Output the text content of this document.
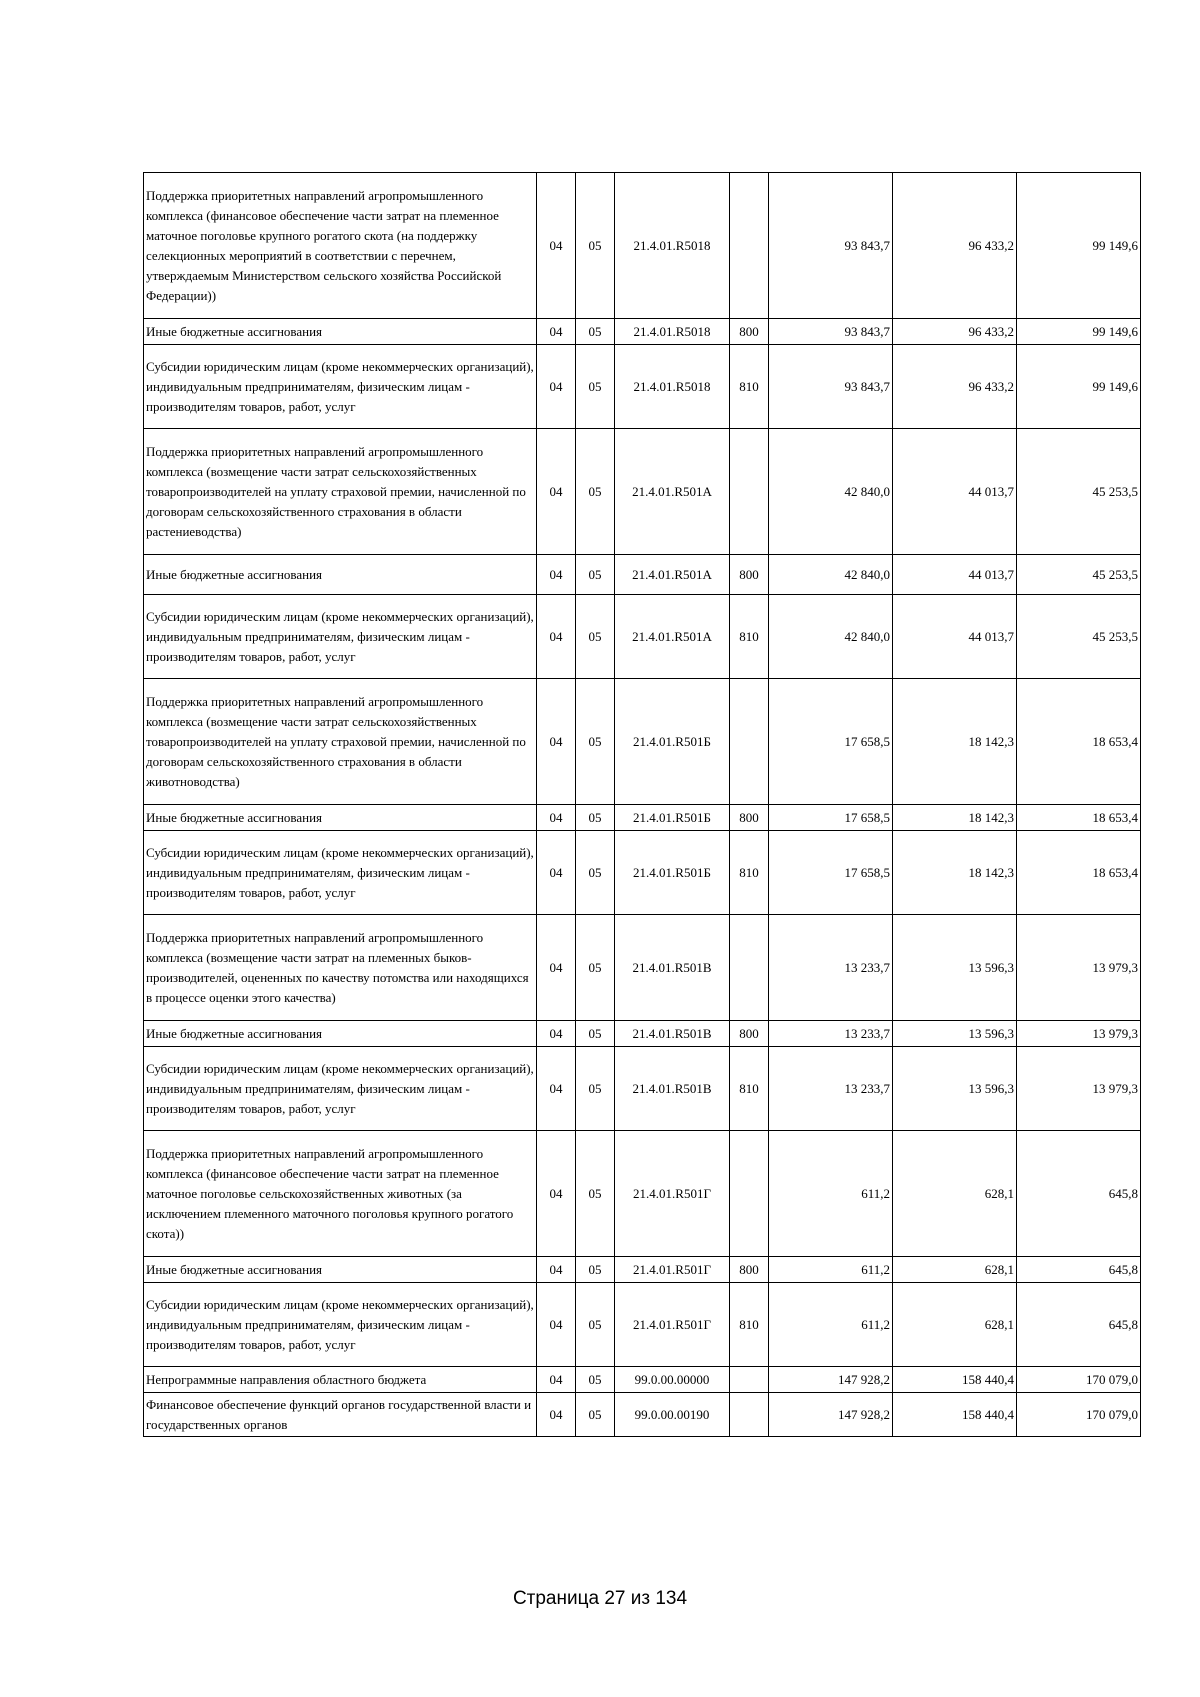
Поддержка приоритетных направлений агропромышленного комплекса (финансовое обеспечение части затрат на племенное маточное поголовье крупного рогатого скота (на поддержку селекционных мероприятий в соответствии с перечнем, утверждаемым Министерством сельского хозяйства Российской Федерации))	04	05	21.4.01.R5018		93 843,7	96 433,2	99 149,6
Иные бюджетные ассигнования	04	05	21.4.01.R5018	800	93 843,7	96 433,2	99 149,6
Субсидии юридическим лицам (кроме некоммерческих организаций), индивидуальным предпринимателям, физическим лицам - производителям товаров, работ, услуг	04	05	21.4.01.R5018	810	93 843,7	96 433,2	99 149,6
Поддержка приоритетных направлений агропромышленного комплекса (возмещение части затрат сельскохозяйственных товаропроизводителей на уплату страховой премии, начисленной по договорам сельскохозяйственного страхования в области растениеводства)	04	05	21.4.01.R501А		42 840,0	44 013,7	45 253,5
Иные бюджетные ассигнования	04	05	21.4.01.R501А	800	42 840,0	44 013,7	45 253,5
Субсидии юридическим лицам (кроме некоммерческих организаций), индивидуальным предпринимателям, физическим лицам - производителям товаров, работ, услуг	04	05	21.4.01.R501А	810	42 840,0	44 013,7	45 253,5
Поддержка приоритетных направлений агропромышленного комплекса (возмещение части затрат сельскохозяйственных товаропроизводителей на уплату страховой премии, начисленной по договорам сельскохозяйственного страхования в области животноводства)	04	05	21.4.01.R501Б		17 658,5	18 142,3	18 653,4
Иные бюджетные ассигнования	04	05	21.4.01.R501Б	800	17 658,5	18 142,3	18 653,4
Субсидии юридическим лицам (кроме некоммерческих организаций), индивидуальным предпринимателям, физическим лицам - производителям товаров, работ, услуг	04	05	21.4.01.R501Б	810	17 658,5	18 142,3	18 653,4
Поддержка приоритетных направлений агропромышленного комплекса (возмещение части затрат на племенных быков- производителей, оцененных по качеству потомства или находящихся в процессе оценки этого качества)	04	05	21.4.01.R501В		13 233,7	13 596,3	13 979,3
Иные бюджетные ассигнования	04	05	21.4.01.R501В	800	13 233,7	13 596,3	13 979,3
Субсидии юридическим лицам (кроме некоммерческих организаций), индивидуальным предпринимателям, физическим лицам - производителям товаров, работ, услуг	04	05	21.4.01.R501В	810	13 233,7	13 596,3	13 979,3
Поддержка приоритетных направлений агропромышленного комплекса (финансовое обеспечение части затрат на племенное маточное поголовье сельскохозяйственных животных (за исключением племенного маточного поголовья крупного рогатого скота))	04	05	21.4.01.R501Г		611,2	628,1	645,8
Иные бюджетные ассигнования	04	05	21.4.01.R501Г	800	611,2	628,1	645,8
Субсидии юридическим лицам (кроме некоммерческих организаций), индивидуальным предпринимателям, физическим лицам - производителям товаров, работ, услуг	04	05	21.4.01.R501Г	810	611,2	628,1	645,8
Непрограммные направления областного бюджета	04	05	99.0.00.00000		147 928,2	158 440,4	170 079,0
Финансовое обеспечение функций органов государственной власти и государственных органов	04	05	99.0.00.00190		147 928,2	158 440,4	170 079,0
Страница 27 из 134
